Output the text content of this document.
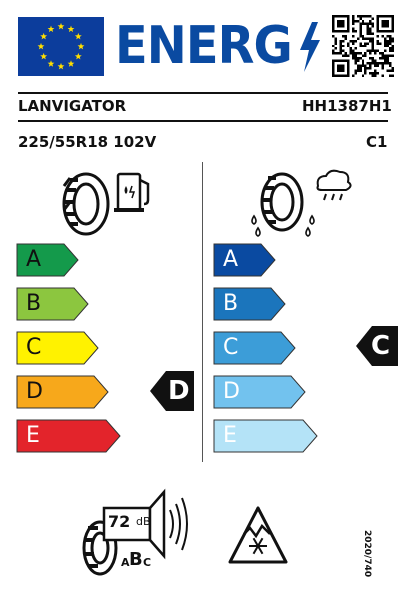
ENERG
LANVIGATOR	HH1387H1
225/55R18 102V	C1
A
B
C
D
E
D
A
B
C
D
E
C
72 dB
A B C	2020/740
